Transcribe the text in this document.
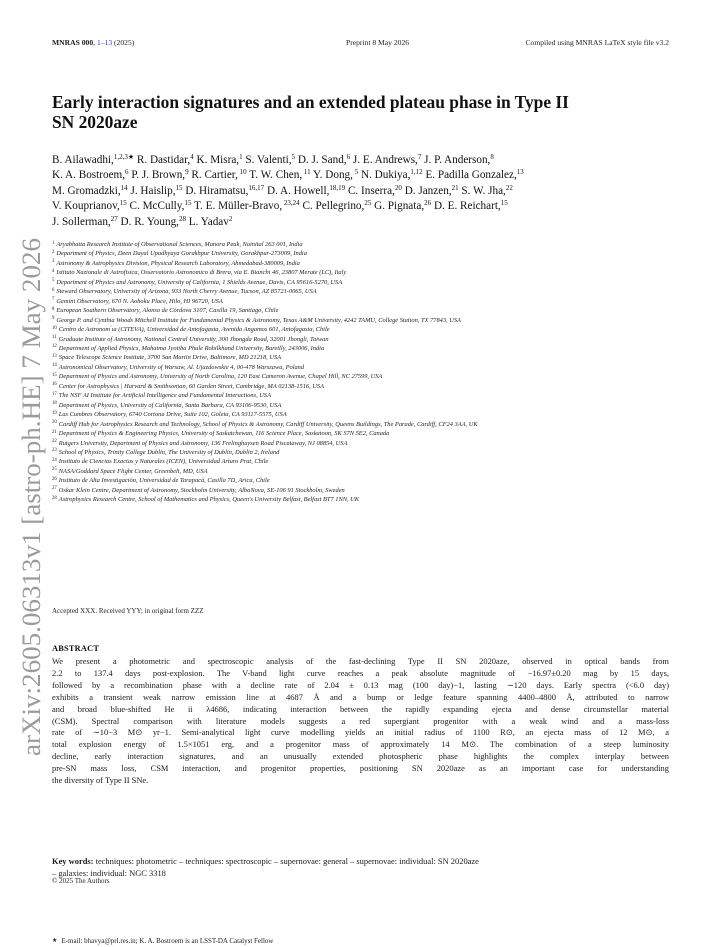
MNRAS 000, 1–13 (2025)	Preprint 8 May 2026	Compiled using MNRAS LaTeX style file v3.2
arXiv:2605.06313v1 [astro-ph.HE] 7 May 2026
Early interaction signatures and an extended plateau phase in Type II
SN 2020aze
B. Ailawadhi,$^{1,2,3★}$ R. Dastidar,$^4$ K. Misra,$^1$ S. Valenti,$^5$ D. J. Sand,$^6$ J. E. Andrews,$^7$ J. P. Anderson,$^8$
K. A. Bostroem,$^6$ P. J. Brown,$^9$ R. Cartier, $^{10}$ T. W. Chen, $^{11}$ Y. Dong, $^5$ N. Dukiya,$^{1,12}$ E. Padilla Gonzalez,$^{13}$
M. Gromadzki,$^{14}$ J. Haislip,$^{15}$ D. Hiramatsu,$^{16,17}$ D. A. Howell,$^{18,19}$ C. Inserra,$^{20}$ D. Janzen,$^{21}$ S. W. Jha,$^{22}$
V. Kouprianov,$^{15}$ C. McCully,$^{15}$ T. E. Müller-Bravo, $^{23,24}$ C. Pellegrino,$^{25}$ G. Pignata,$^{26}$ D. E. Reichart,$^{15}$
J. Sollerman,$^{27}$ D. R. Young,$^{28}$ L. Yadav$^2$
$^1$ Aryabhatta Research Institute of Observational Sciences, Manora Peak, Nainital 263 001, India
$^2$ Department of Physics, Deen Dayal Upadhyaya Gorakhpur University, Gorakhpur-273009, India
$^3$ Astronomy & Astrophysics Division, Physical Research Laboratory, Ahmedabad-380009, India
$^4$ Istituto Nazionale di Astrofisica, Osservatorio Astronomico di Brera, via E. Bianchi 46, 23807 Merate (LC), Italy
$^5$ Department of Physics and Astronomy, University of California, 1 Shields Avenue, Davis, CA 95616-5270, USA
$^6$ Steward Observatory, University of Arizona, 933 North Cherry Avenue, Tucson, AZ 85721-0065, USA
$^7$ Gemini Observatory, 670 N. Aohoku Place, Hilo, HI 96720, USA
$^8$ European Southern Observatory, Alonso de Córdova 3107, Casilla 19, Santiago, Chile
$^9$ George P. and Cynthia Woods Mitchell Institute for Fundamental Physics & Astronomy, Texas A&M University, 4242 TAMU, College Station, TX 77843, USA
$^{10}$ Centro de Astronom ́ıa (CITEVA), Universidad de Antofagasta, Avenida Angamos 601, Antofagasta, Chile
$^{11}$ Graduate Institute of Astronomy, National Central University, 300 Jhongda Road, 32001 Jhongli, Taiwan
$^{12}$ Department of Applied Physics, Mahatma Jyotiba Phule Rohilkhand University, Bareilly, 243006, India
$^{13}$ Space Telescope Science Institute, 3700 San Martin Drive, Baltimore, MD 21218, USA
$^{14}$ Astronomical Observatory, University of Warsaw, Al. Ujazdowskie 4, 00-478 Warszawa, Poland
$^{15}$ Department of Physics and Astronomy, University of North Carolina, 120 East Cameron Avenue, Chapel Hill, NC 27599, USA
$^{16}$ Center for Astrophysics | Harvard & Smithsonian, 60 Garden Street, Cambridge, MA 02138-1516, USA
$^{17}$ The NSF AI Institute for Artificial Intelligence and Fundamental Interactions, USA
$^{18}$ Department of Physics, University of California, Santa Barbara, CA 93106-9530, USA
$^{19}$ Las Cumbres Observatory, 6740 Cortona Drive, Suite 102, Goleta, CA 93117-5575, USA
$^{20}$ Cardiff Hub for Astrophysics Research and Technology, School of Physics & Astronomy, Cardiff University, Queens Buildings, The Parade, Cardiff, CF24 3AA, UK
$^{21}$ Department of Physics & Engineering Physics, University of Saskatchewan, 116 Science Place, Saskatoon, SK S7N 5E2, Canada
$^{22}$ Rutgers University, Department of Physics and Astronomy, 136 Frelinghuysen Road Piscataway, NJ 08854, USA
$^{23}$ School of Physics, Trinity College Dublin, The University of Dublin, Dublin 2, Ireland
$^{24}$ Instituto de Ciencias Exactas y Naturales (ICEN), Universidad Arturo Prat, Chile
$^{25}$ NASA/Goddard Space Flight Center, Greenbelt, MD, USA
$^{26}$ Instituto de Alta Investigación, Universidad de Tarapacá, Casilla 7D, Arica, Chile
$^{27}$ Oskar Klein Centre, Department of Astronomy, Stockholm University, AlbaNova, SE-106 91 Stockholm, Sweden
$^{28}$ Astrophysics Research Centre, School of Mathematics and Physics, Queen's University Belfast, Belfast BT7 1NN, UK
Accepted XXX. Received YYY; in original form ZZZ
ABSTRACT
We present a photometric and spectroscopic analysis of the fast-declining Type II SN 2020aze, observed in optical bands from
2.2 to 137.4 days post-explosion. The V-band light curve reaches a peak absolute magnitude of −16.97±0.20 mag by 15 days,
followed by a recombination phase with a decline rate of 2.04 ± 0.13 mag (100 day)−1, lasting ∼120 days. Early spectra (<6.0 day)
exhibits a transient weak narrow emission line at 4687 Å and a bump or ledge feature spanning 4400–4800 Å, attributed to narrow
and broad blue-shifted He ii λ4686, indicating interaction between the rapidly expanding ejecta and dense circumstellar material
(CSM). Spectral comparison with literature models suggests a red supergiant progenitor with a weak wind and a mass-loss
rate of ∼10−3 M⊙ yr−1. Semi-analytical light curve modelling yields an initial radius of 1100 R⊙, an ejecta mass of 12 M⊙, a
total explosion energy of 1.5×1051 erg, and a progenitor mass of approximately 14 M⊙. The combination of a steep luminosity
decline, early interaction signatures, and an unusually extended photospheric phase highlights the complex interplay between
pre-SN mass loss, CSM interaction, and progenitor properties, positioning SN 2020aze as an important case for understanding
the diversity of Type II SNe.
Key words: techniques: photometric – techniques: spectroscopic – supernovae: general – supernovae: individual: SN 2020aze
– galaxies: individual: NGC 3318
© 2025 The Authors
★ E-mail: bhavya@prl.res.in; K. A. Bostroem is an LSST-DA Catalyst Fellow
